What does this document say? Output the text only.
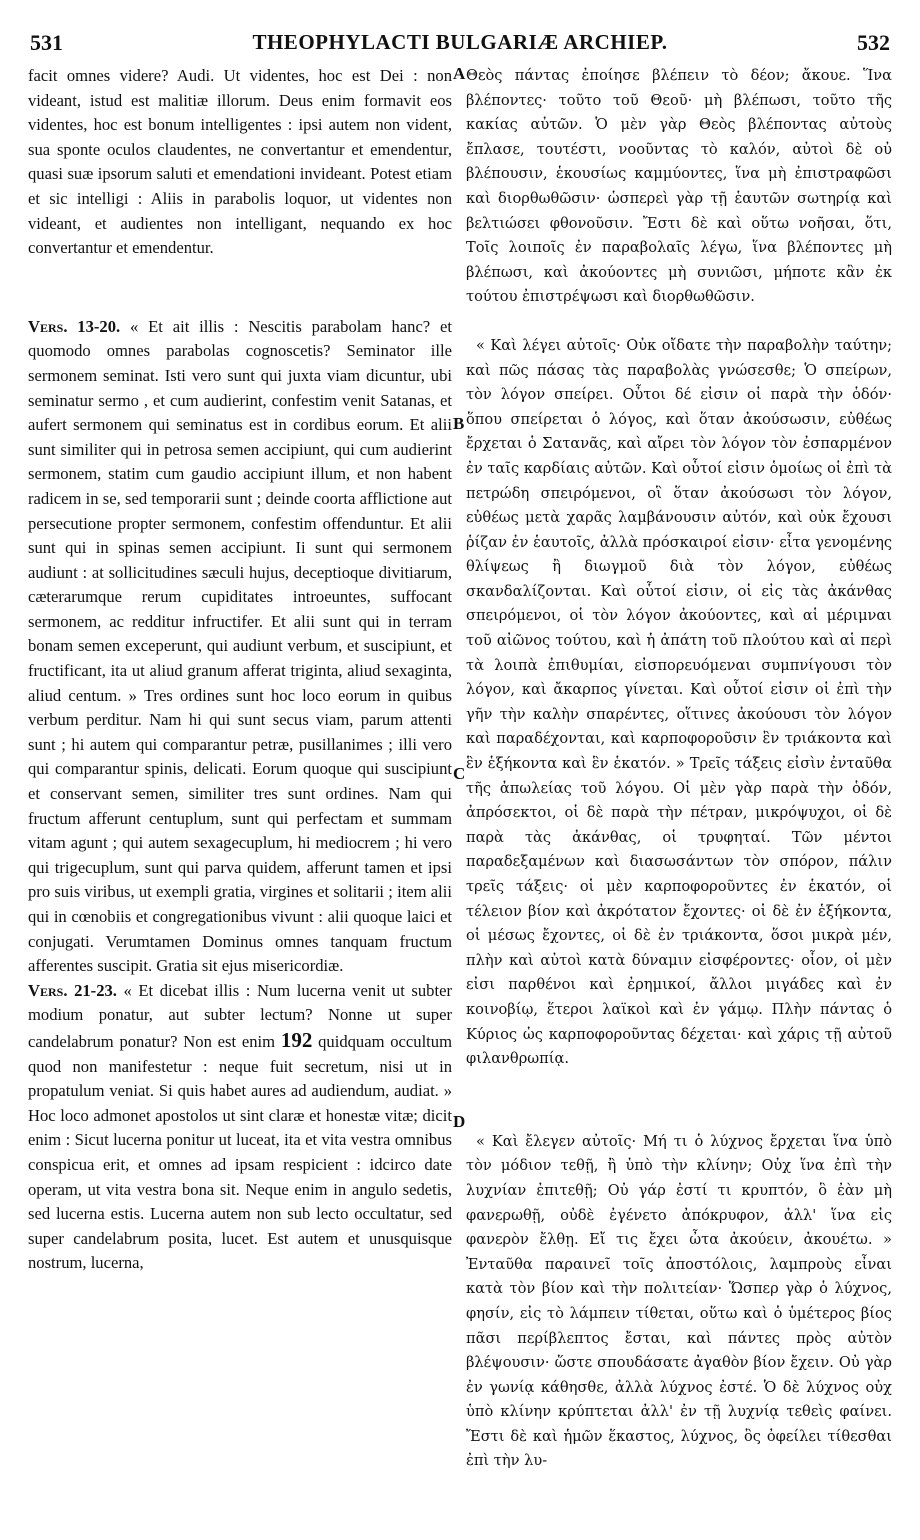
531	THEOPHYLACTI BULGARIÆ ARCHIEP.	532
A
B
C
D

facit omnes videre? Audi. Ut videntes, hoc est Dei : non videant, istud est malitiæ illorum. Deus enim formavit eos videntes, hoc est bonum intelligentes : ipsi autem non vident, sua sponte oculos claudentes, ne convertantur et emendentur, quasi suæ ipsorum saluti et emendationi invideant. Potest etiam et sic intelligi : Aliis in parabolis loquor, ut videntes non videant, et audientes non intelligant, nequando ex hoc convertantur et emendentur.

Vers. 13-20. « Et ait illis : Nescitis parabolam hanc? et quomodo omnes parabolas cognoscetis? Seminator ille sermonem seminat. Isti vero sunt qui juxta viam dicuntur, ubi seminatur sermo , et cum audierint, confestim venit Satanas, et aufert sermonem qui seminatus est in cordibus eorum. Et alii sunt similiter qui in petrosa semen accipiunt, qui cum audierint sermonem, statim cum gaudio accipiunt illum, et non habent radicem in se, sed temporarii sunt ; deinde coorta afflictione aut persecutione propter sermonem, confestim offenduntur. Et alii sunt qui in spinas semen accipiunt. Ii sunt qui sermonem audiunt : at sollicitudines sæculi hujus, deceptioque divitiarum, cæterarumque rerum cupiditates introeuntes, suffocant sermonem, ac redditur infructifer. Et alii sunt qui in terram bonam semen exceperunt, qui audiunt verbum, et suscipiunt, et fructificant, ita ut aliud granum afferat triginta, aliud sexaginta, aliud centum. » Tres ordines sunt hoc loco eorum in quibus verbum perditur. Nam hi qui sunt secus viam, parum attenti sunt ; hi autem qui comparantur petræ, pusillanimes ; illi vero qui comparantur spinis, delicati. Eorum quoque qui suscipiunt et conservant semen, similiter tres sunt ordines. Nam qui fructum afferunt centuplum, sunt qui perfectam et summam vitam agunt ; qui autem sexagecuplum, hi mediocrem ; hi vero qui trigecuplum, sunt qui parva quidem, afferunt tamen et ipsi pro suis viribus, ut exempli gratia, virgines et solitarii ; item alii qui in cœnobiis et congregationibus vivunt : alii quoque laici et conjugati. Verumtamen Dominus omnes tanquam fructum afferentes suscipit. Gratia sit ejus misericordiæ.

Vers. 21-23. « Et dicebat illis : Num lucerna venit ut subter modium ponatur, aut subter lectum? Nonne ut super candelabrum ponatur? Non est enim 192 quidquam occultum quod non manifestetur : neque fuit secretum, nisi ut in propatulum veniat. Si quis habet aures ad audiendum, audiat. » Hoc loco admonet apostolos ut sint claræ et honestæ vitæ; dicit enim : Sicut lucerna ponitur ut luceat, ita et vita vestra omnibus conspicua erit, et omnes ad ipsam respicient : idcirco date operam, ut vita vestra bona sit. Neque enim in angulo sedetis, sed lucerna estis. Lucerna autem non sub lecto occultatur, sed super candelabrum posita, lucet. Est autem et unusquisque nostrum, lucerna,

Θεὸς πάντας ἐποίησε βλέπειν τὸ δέον; ἄκουε. Ἵνα βλέποντες· τοῦτο τοῦ Θεοῦ· μὴ βλέπωσι, τοῦτο τῆς κακίας αὐτῶν. Ὁ μὲν γὰρ Θεὸς βλέποντας αὐτοὺς ἔπλασε, τουτέστι, νοοῦντας τὸ καλόν, αὐτοὶ δὲ οὐ βλέπουσιν, ἑκουσίως καμμύοντες, ἵνα μὴ ἐπιστραφῶσι καὶ διορθωθῶσιν· ὡσπερεὶ γὰρ τῇ ἑαυτῶν σωτηρίᾳ καὶ βελτιώσει φθονοῦσιν. Ἔστι δὲ καὶ οὕτω νοῆσαι, ὅτι, Τοῖς λοιποῖς ἐν παραβολαῖς λέγω, ἵνα βλέποντες μὴ βλέπωσι, καὶ ἀκούοντες μὴ συνιῶσι, μήποτε κἂν ἐκ τούτου ἐπιστρέψωσι καὶ διορθωθῶσιν.

« Καὶ λέγει αὐτοῖς· Οὐκ οἴδατε τὴν παραβολὴν ταύτην; καὶ πῶς πάσας τὰς παραβολὰς γνώσεσθε; Ὁ σπείρων, τὸν λόγον σπείρει. Οὗτοι δέ εἰσιν οἱ παρὰ τὴν ὁδόν· ὅπου σπείρεται ὁ λόγος, καὶ ὅταν ἀκούσωσιν, εὐθέως ἔρχεται ὁ Σατανᾶς, καὶ αἴρει τὸν λόγον τὸν ἐσπαρμένον ἐν ταῖς καρδίαις αὐτῶν. Καὶ οὗτοί εἰσιν ὁμοίως οἱ ἐπὶ τὰ πετρώδη σπειρόμενοι, οἳ ὅταν ἀκούσωσι τὸν λόγον, εὐθέως μετὰ χαρᾶς λαμβάνουσιν αὐτόν, καὶ οὐκ ἔχουσι ῥίζαν ἐν ἑαυτοῖς, ἀλλὰ πρόσκαιροί εἰσιν· εἶτα γενομένης θλίψεως ἢ διωγμοῦ διὰ τὸν λόγον, εὐθέως σκανδαλίζονται. Καὶ οὗτοί εἰσιν, οἱ εἰς τὰς ἀκάνθας σπειρόμενοι, οἱ τὸν λόγον ἀκούοντες, καὶ αἱ μέριμναι τοῦ αἰῶνος τούτου, καὶ ἡ ἀπάτη τοῦ πλούτου καὶ αἱ περὶ τὰ λοιπὰ ἐπιθυμίαι, εἰσπορευόμεναι συμπνίγουσι τὸν λόγον, καὶ ἄκαρπος γίνεται. Καὶ οὗτοί εἰσιν οἱ ἐπὶ τὴν γῆν τὴν καλὴν σπαρέντες, οἵτινες ἀκούουσι τὸν λόγον καὶ παραδέχονται, καὶ καρποφοροῦσιν ἓν τριάκοντα καὶ ἓν ἑξήκοντα καὶ ἓν ἑκατόν. » Τρεῖς τάξεις εἰσὶν ἐνταῦθα τῆς ἀπωλείας τοῦ λόγου. Οἱ μὲν γὰρ παρὰ τὴν ὁδόν, ἀπρόσεκτοι, οἱ δὲ παρὰ τὴν πέτραν, μικρόψυχοι, οἱ δὲ παρὰ τὰς ἀκάνθας, οἱ τρυφηταί. Τῶν μέντοι παραδεξαμένων καὶ διασωσάντων τὸν σπόρον, πάλιν τρεῖς τάξεις· οἱ μὲν καρποφοροῦντες ἐν ἑκατόν, οἱ τέλειον βίον καὶ ἀκρότατον ἔχοντες· οἱ δὲ ἐν ἑξήκοντα, οἱ μέσως ἔχοντες, οἱ δὲ ἐν τριάκοντα, ὅσοι μικρὰ μέν, πλὴν καὶ αὐτοὶ κατὰ δύναμιν εἰσφέροντες· οἷον, οἱ μὲν εἰσι παρθένοι καὶ ἐρημικοί, ἄλλοι μιγάδες καὶ ἐν κοινοβίῳ, ἕτεροι λαϊκοὶ καὶ ἐν γάμῳ. Πλὴν πάντας ὁ Κύριος ὡς καρποφοροῦντας δέχεται· καὶ χάρις τῇ αὐτοῦ φιλανθρωπίᾳ.

« Καὶ ἔλεγεν αὐτοῖς· Μή τι ὁ λύχνος ἔρχεται ἵνα ὑπὸ τὸν μόδιον τεθῇ, ἢ ὑπὸ τὴν κλίνην; Οὐχ ἵνα ἐπὶ τὴν λυχνίαν ἐπιτεθῇ; Οὐ γάρ ἐστί τι κρυπτόν, ὃ ἐὰν μὴ φανερωθῇ, οὐδὲ ἐγένετο ἀπόκρυφον, ἀλλ' ἵνα εἰς φανερὸν ἔλθῃ. Εἴ τις ἔχει ὦτα ἀκούειν, ἀκουέτω. » Ἐνταῦθα παραινεῖ τοῖς ἀποστόλοις, λαμπροὺς εἶναι κατὰ τὸν βίον καὶ τὴν πολιτείαν· Ὥσπερ γὰρ ὁ λύχνος, φησίν, εἰς τὸ λάμπειν τίθεται, οὕτω καὶ ὁ ὑμέτερος βίος πᾶσι περίβλεπτος ἔσται, καὶ πάντες πρὸς αὐτὸν βλέψουσιν· ὥστε σπουδάσατε ἀγαθὸν βίον ἔχειν. Οὐ γὰρ ἐν γωνίᾳ κάθησθε, ἀλλὰ λύχνος ἐστέ. Ὁ δὲ λύχνος οὐχ ὑπὸ κλίνην κρύπτεται ἀλλ' ἐν τῇ λυχνίᾳ τεθεὶς φαίνει. Ἔστι δὲ καὶ ἡμῶν ἕκαστος, λύχνος, ὃς ὀφείλει τίθεσθαι ἐπὶ τὴν λυ-
